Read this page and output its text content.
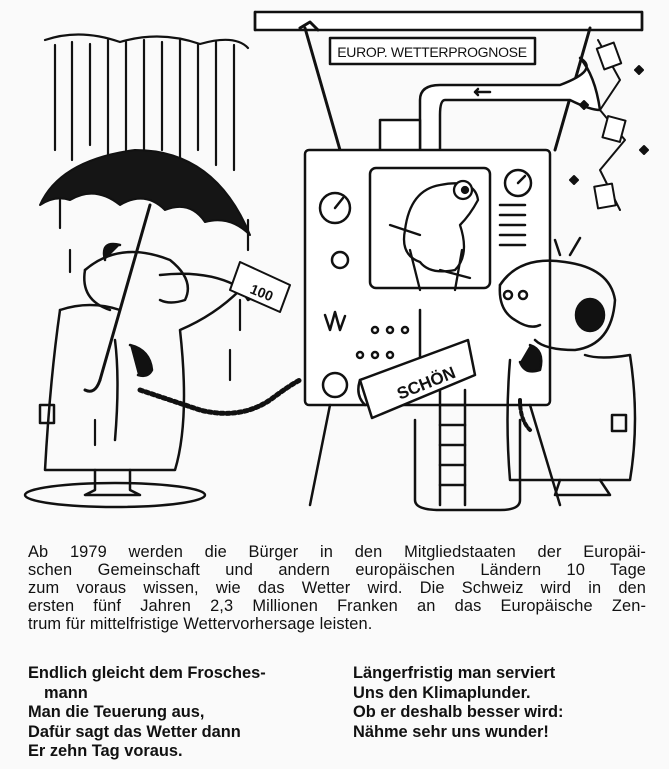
100
EUROP. WETTERPROGNOSE
SCHÖN
Ab 1979 werden die Bürger in den Mitgliedstaaten der Europäi-
schen Gemeinschaft und andern europäischen Ländern 10 Tage
zum voraus wissen, wie das Wetter wird. Die Schweiz wird in den
ersten fünf Jahren 2,3 Millionen Franken an das Europäische Zen-
trum für mittelfristige Wettervorhersage leisten.
Endlich gleicht dem Frosches-
mann
Man die Teuerung aus,
Dafür sagt das Wetter dann
Er zehn Tag voraus.
Längerfristig man serviert
Uns den Klimaplunder.
Ob er deshalb besser wird:
Nähme sehr uns wunder!
